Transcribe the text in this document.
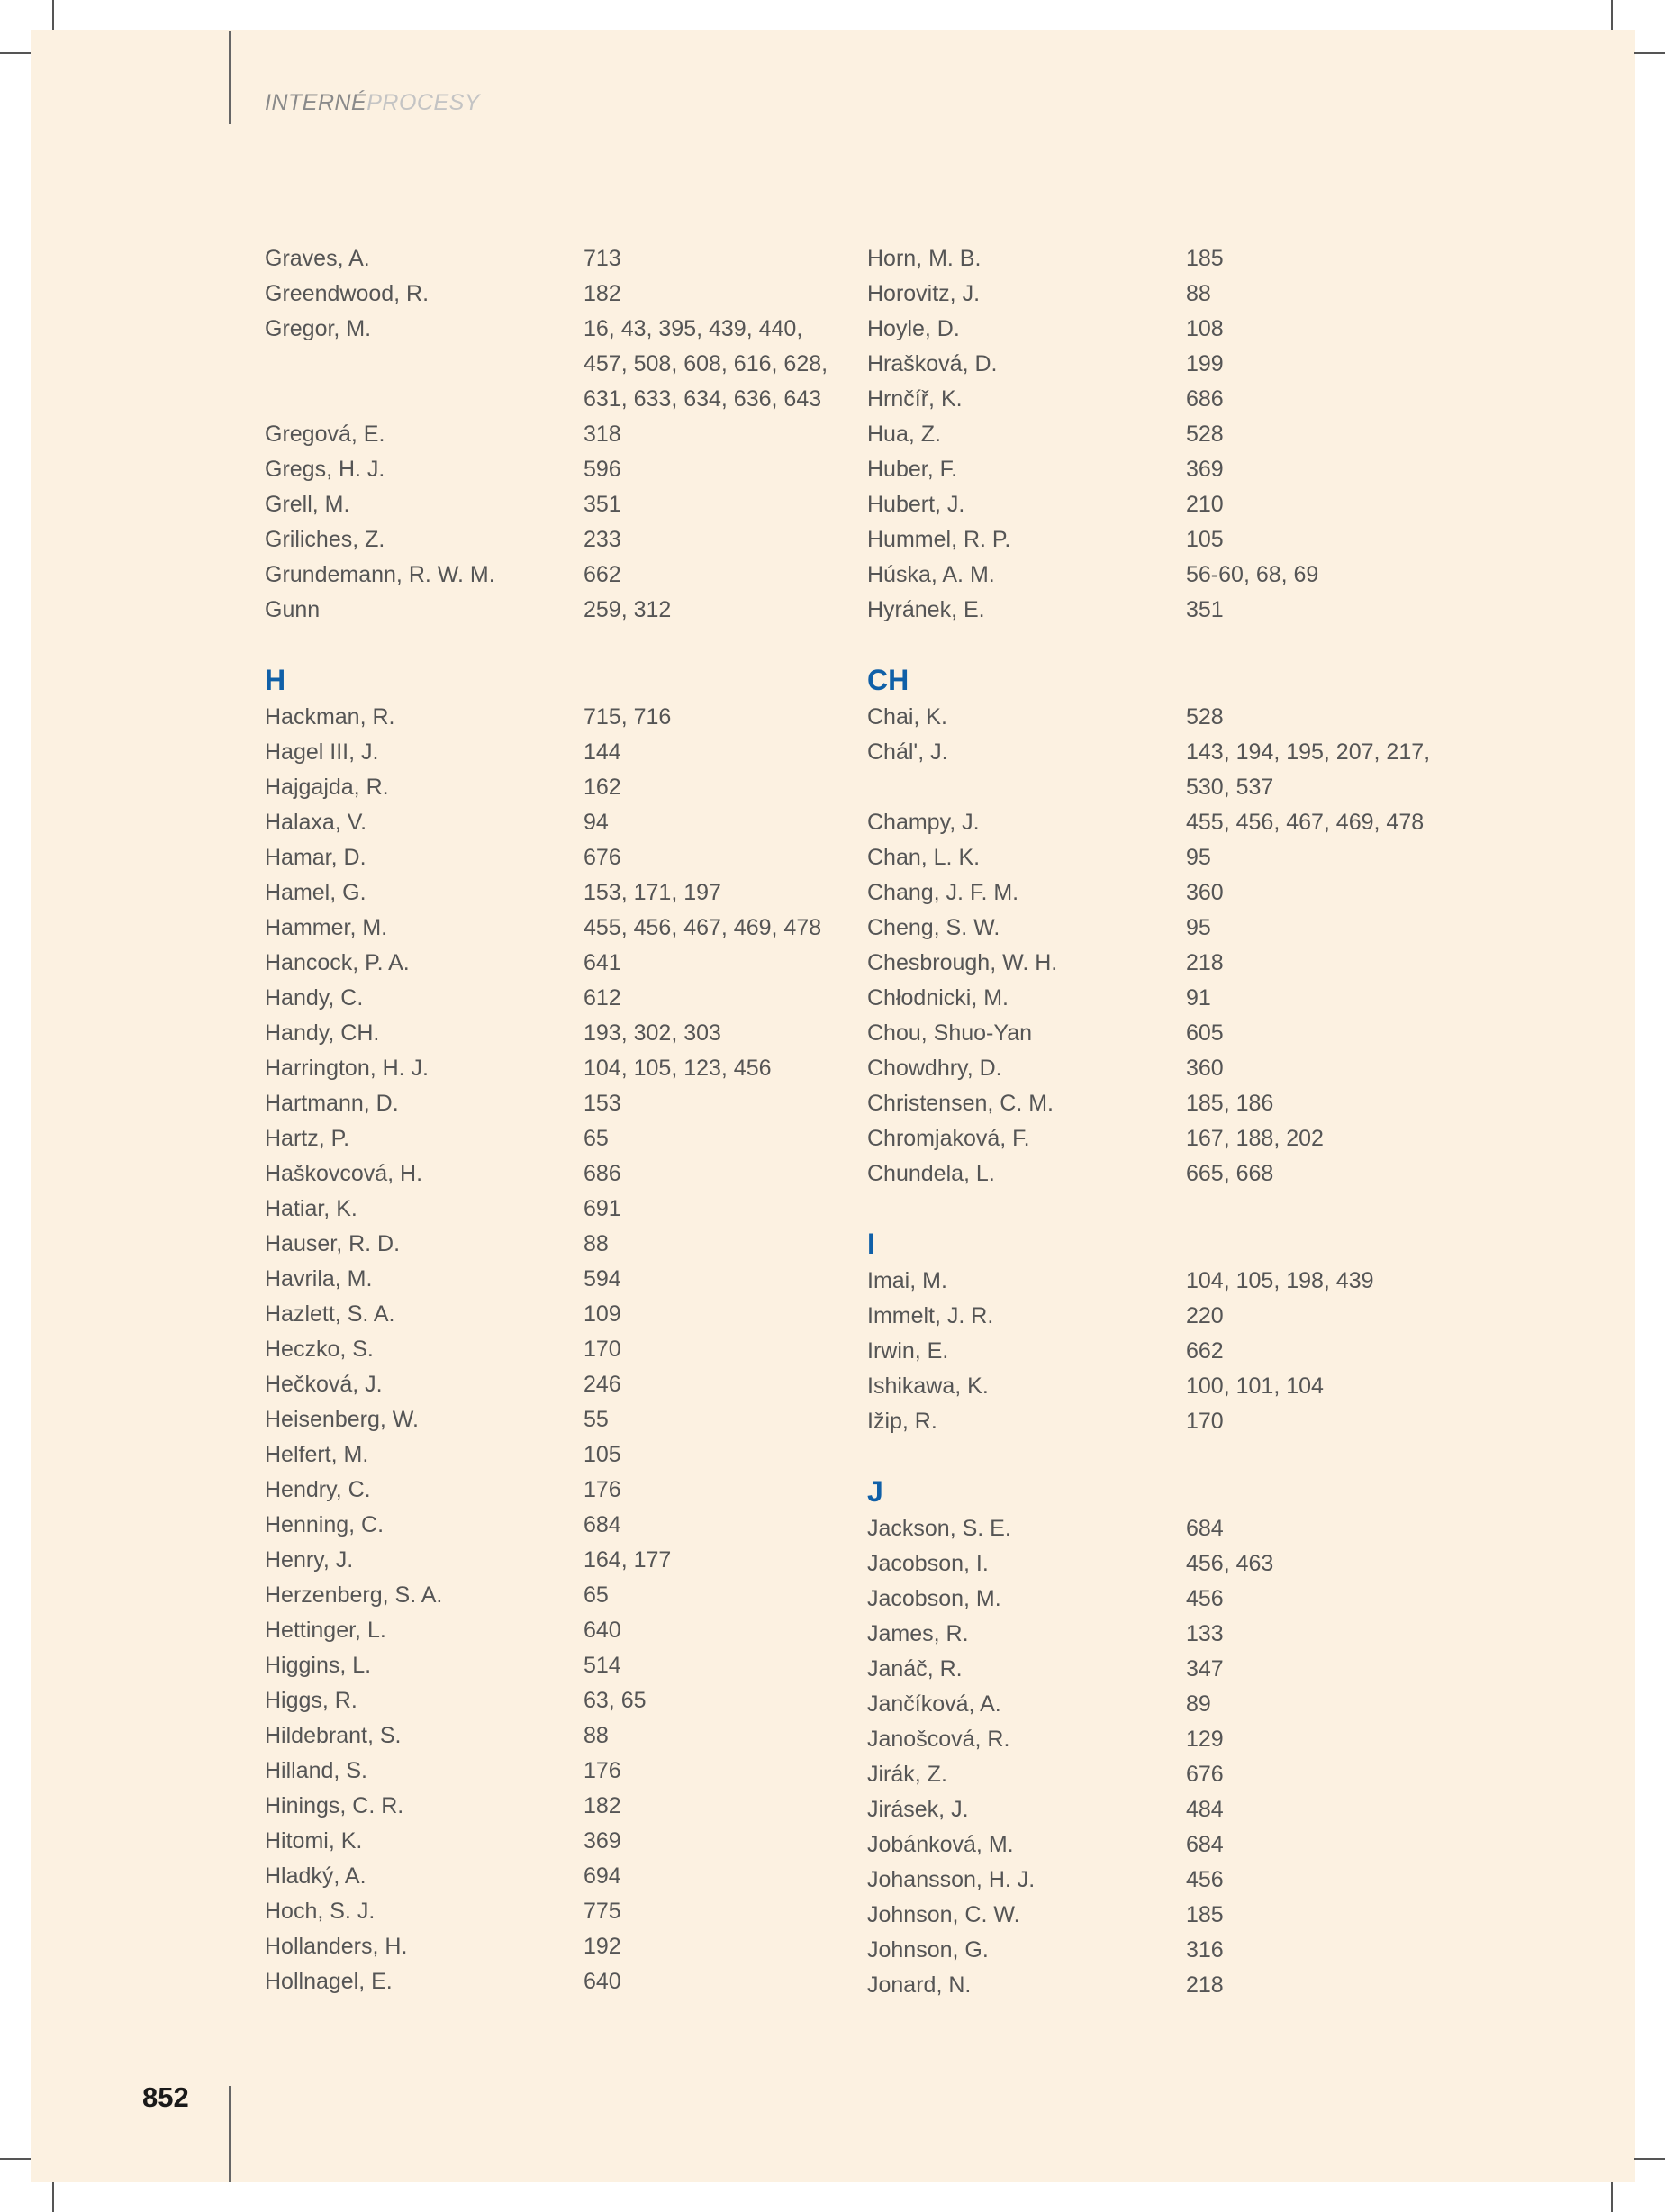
INTERNÉPROCESY
Graves, A.	713
Greendwood, R.	182
Gregor, M.	16, 43, 395, 439, 440,
457, 508, 608, 616, 628,
631, 633, 634, 636, 643
Gregová, E.	318
Gregs, H. J.	596
Grell, M.	351
Griliches, Z.	233
Grundemann, R. W. M.	662
Gunn	259, 312
H
Hackman, R.	715, 716
Hagel III, J.	144
Hajgajda, R.	162
Halaxa, V.	94
Hamar, D.	676
Hamel, G.	153, 171, 197
Hammer, M.	455, 456, 467, 469, 478
Hancock, P. A.	641
Handy, C.	612
Handy, CH.	193, 302, 303
Harrington, H. J.	104, 105, 123, 456
Hartmann, D.	153
Hartz, P.	65
Haškovcová, H.	686
Hatiar, K.	691
Hauser, R. D.	88
Havrila, M.	594
Hazlett, S. A.	109
Heczko, S.	170
Hečková, J.	246
Heisenberg, W.	55
Helfert, M.	105
Hendry, C.	176
Henning, C.	684
Henry, J.	164, 177
Herzenberg, S. A.	65
Hettinger, L.	640
Higgins, L.	514
Higgs, R.	63, 65
Hildebrant, S.	88
Hilland, S.	176
Hinings, C. R.	182
Hitomi, K.	369
Hladký, A.	694
Hoch, S. J.	775
Hollanders, H.	192
Hollnagel, E.	640
Horn, M. B.	185
Horovitz, J.	88
Hoyle, D.	108
Hrašková, D.	199
Hrnčíř, K.	686
Hua, Z.	528
Huber, F.	369
Hubert, J.	210
Hummel, R. P.	105
Húska, A. M.	56-60, 68, 69
Hyránek, E.	351
CH
Chai, K.	528
Chál', J.	143, 194, 195, 207, 217,
530, 537
Champy, J.	455, 456, 467, 469, 478
Chan, L. K.	95
Chang, J. F. M.	360
Cheng, S. W.	95
Chesbrough, W. H.	218
Chłodnicki, M.	91
Chou, Shuo-Yan	605
Chowdhry, D.	360
Christensen, C. M.	185, 186
Chromjaková, F.	167, 188, 202
Chundela, L.	665, 668
I
Imai, M.	104, 105, 198, 439
Immelt, J. R.	220
Irwin, E.	662
Ishikawa, K.	100, 101, 104
Ižip, R.	170
J
Jackson, S. E.	684
Jacobson, I.	456, 463
Jacobson, M.	456
James, R.	133
Janáč, R.	347
Jančíková, A.	89
Janošcová, R.	129
Jirák, Z.	676
Jirásek, J.	484
Jobánková, M.	684
Johansson, H. J.	456
Johnson, C. W.	185
Johnson, G.	316
Jonard, N.	218
852
